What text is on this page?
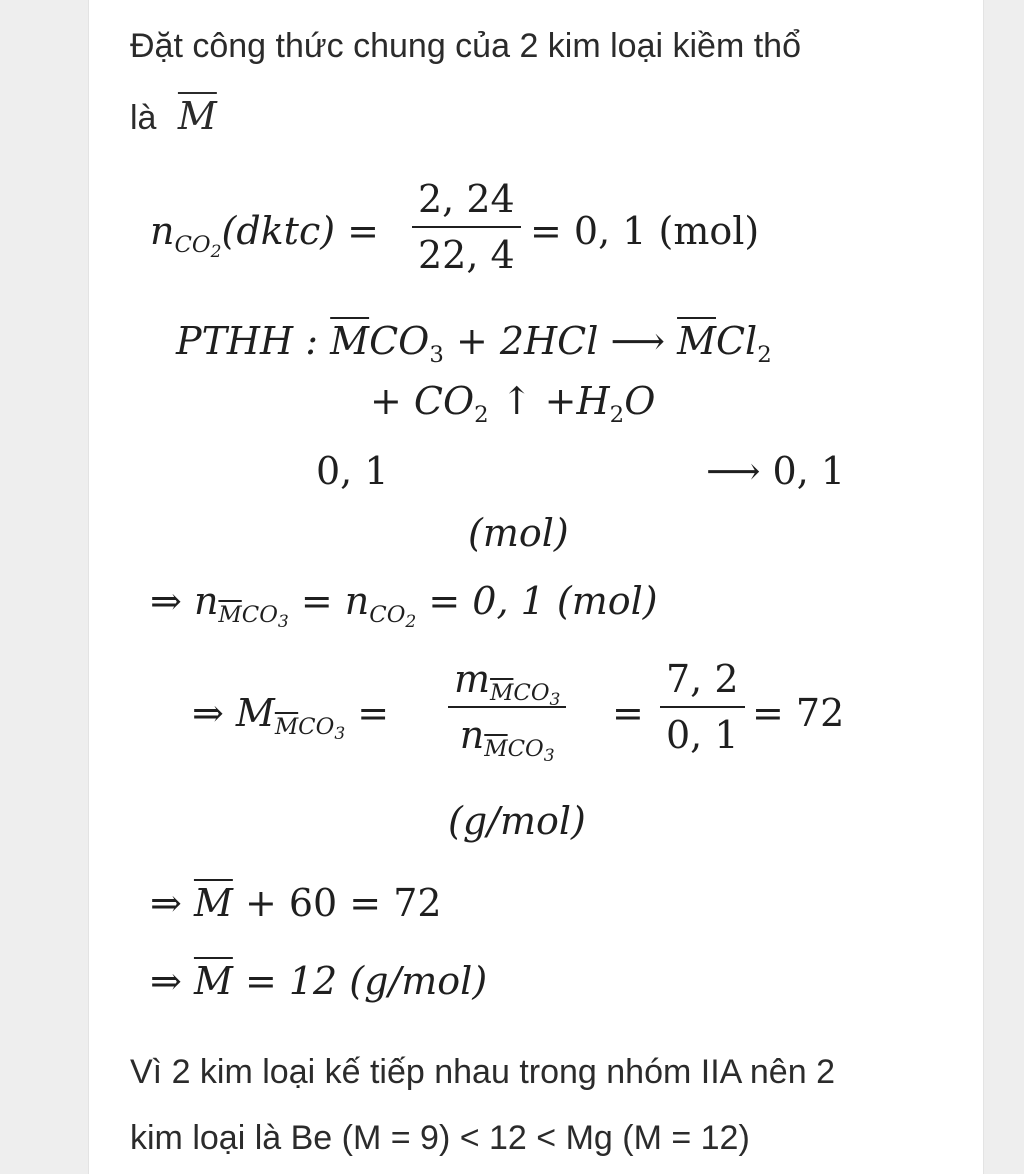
Đặt công thức chung của 2 kim loại kiềm thổ
là $\overline{M}$
$n_{CO_2}(dktc)$ =
2, 24
22, 4
= 0, 1 (mol)
PTHH : $\overline{M}CO_3 + 2HCl$ ⟶ $\overline{M}Cl_2$
+ $CO_2$ ↑ $+H_2O$
0, 1	⟶ 0, 1
(mol)
⇒ $n_{\overline{M}CO_3} = n_{CO_2} = 0$, 1 (mol)
⇒ $M_{\overline{M}CO_3}$ =
$m_{\overline{M}CO_3}$
$n_{\overline{M}CO_3}$
=
7, 2
0, 1 = 72
(g/mol)
⇒ $\overline{M} + 60 = 72$
⇒ $\overline{M} = 12$ (g/mol)
Vì 2 kim loại kế tiếp nhau trong nhóm IIA nên 2
kim loại là Be (M = 9) < 12 < Mg (M = 12)
